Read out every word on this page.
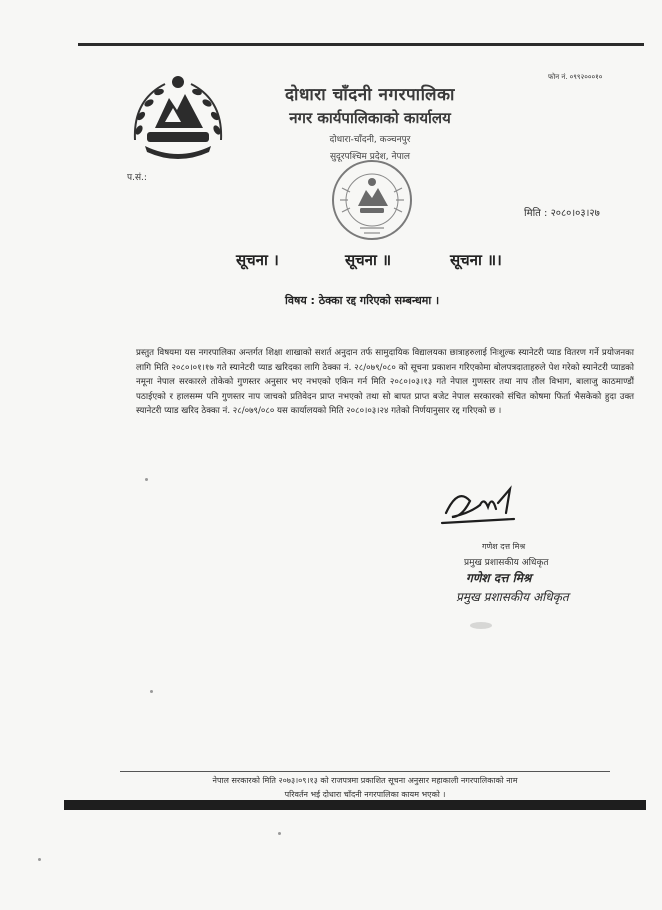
दोधारा चाँदनी नगरपालिका
नगर कार्यपालिकाको कार्यालय
दोधारा-चाँदनी, कञ्चनपुर
सुदूरपश्चिम प्रदेश, नेपाल
फोन नं. ०९९२०००१०
प.सं.:
मिति : २०८०।०३।२७
सूचना ।	सूचना ॥	सूचना ॥।
विषय : ठेक्का रद्द गरिएको सम्बन्धमा ।
प्रस्तुत विषयमा यस नगरपालिका अन्तर्गत शिक्षा शाखाको सशर्त अनुदान तर्फ सामुदायिक विद्यालयका छात्राहरुलाई निःशुल्क स्यानेटरी प्याड वितरण गर्ने प्रयोजनका लागि मिति २०८०।०१।१७ गते स्यानेटरी प्याड खरिदका लागि ठेक्का नं. २८/०७९/०८० को सूचना प्रकाशन गरिएकोमा बोलपत्रदाताहरुले पेश गरेको स्यानेटरी प्याडको नमूना नेपाल सरकारले तोकेको गुणस्तर अनुसार भए नभएको एकिन गर्न मिति २०८०।०३।१३ गते नेपाल गुणस्तर तथा नाप तौल विभाग, बालाजु काठमाण्डौं पठाईएको र हालसम्म पनि गुणस्तर नाप जाचको प्रतिवेदन प्राप्त नभएको तथा सो बापत प्राप्त बजेट नेपाल सरकारको संचित कोषमा फिर्ता भैसकेको हुदा उक्त स्यानेटरी प्याड खरिद ठेक्का नं. २८/०७९/०८० यस कार्यालयको मिति २०८०।०३।२४ गतेको निर्णयानुसार रद्द गरिएको छ ।
गणेश दत्त मिश्र
प्रमुख प्रशासकीय अधिकृत
गणेश दत्त मिश्र
प्रमुख प्रशासकीय अधिकृत
नेपाल सरकारको मिति २०७३।०९।१३ को राजपत्रमा प्रकाशित सूचना अनुसार महाकाली नगरपालिकाको नाम
परिवर्तन भई दोधारा चाँदनी नगरपालिका कायम भएको ।
